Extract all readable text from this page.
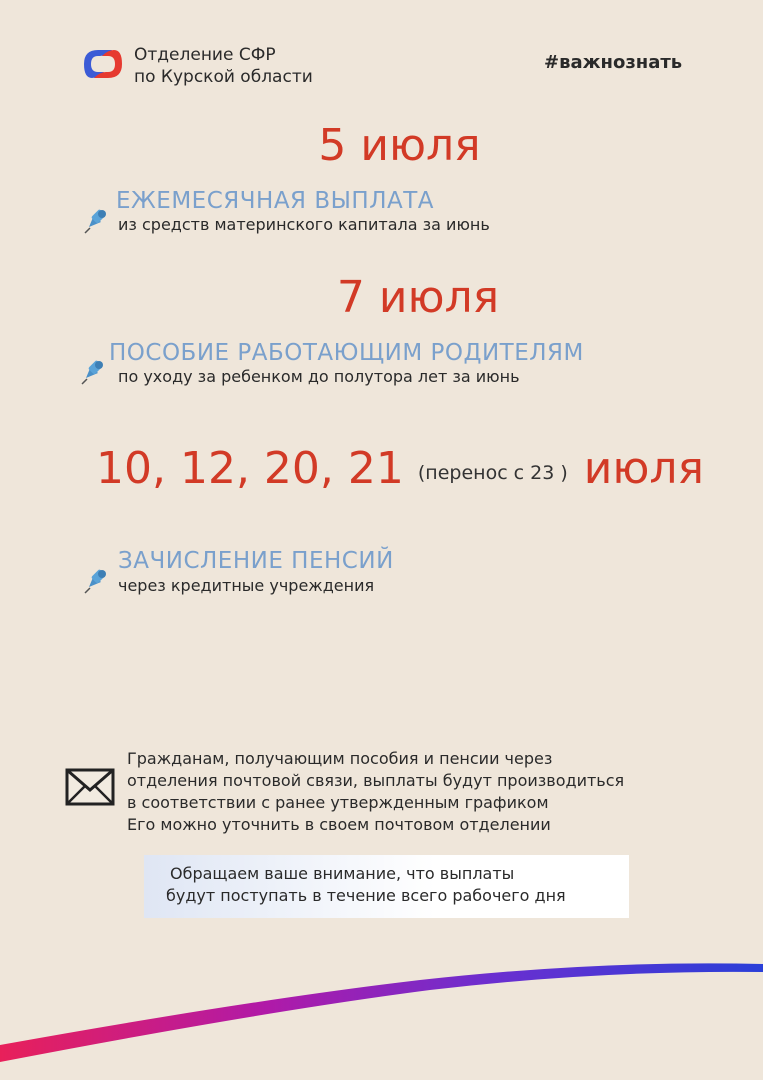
Отделение СФР
по Курской области
#важнознать
5 июля
ЕЖЕМЕСЯЧНАЯ ВЫПЛАТА
из средств материнского капитала за июнь
7 июля
ПОСОБИЕ РАБОТАЮЩИМ РОДИТЕЛЯМ
по уходу за ребенком до полутора лет за июнь
10, 12, 20, 21 (перенос с 23 ) июля
ЗАЧИСЛЕНИЕ ПЕНСИЙ
через кредитные учреждения
Гражданам, получающим пособия и пенсии через
отделения почтовой связи, выплаты будут производиться
в соответствии с ранее утвержденным графиком
Его можно уточнить в своем почтовом отделении
Обращаем ваше внимание, что выплаты
будут поступать в течение всего рабочего дня
